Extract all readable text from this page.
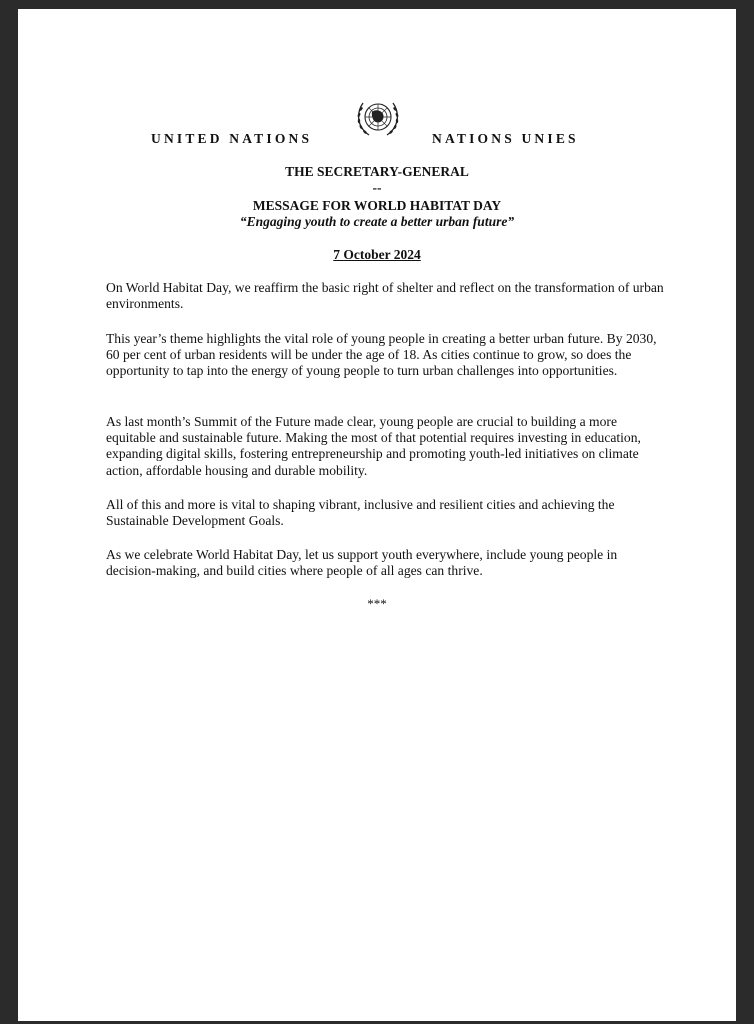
UNITED NATIONS	NATIONS UNIES
THE SECRETARY-GENERAL
--
MESSAGE FOR WORLD HABITAT DAY
“Engaging youth to create a better urban future”
7 October 2024

On World Habitat Day, we reaffirm the basic right of shelter and reflect on the transformation of urban environments.

This year’s theme highlights the vital role of young people in creating a better urban future. By 2030, 60 per cent of urban residents will be under the age of 18. As cities continue to grow, so does the opportunity to tap into the energy of young people to turn urban challenges into opportunities.

As last month’s Summit of the Future made clear, young people are crucial to building a more equitable and sustainable future. Making the most of that potential requires investing in education, expanding digital skills, fostering entrepreneurship and promoting youth-led initiatives on climate action, affordable housing and durable mobility.

All of this and more is vital to shaping vibrant, inclusive and resilient cities and achieving the Sustainable Development Goals.

As we celebrate World Habitat Day, let us support youth everywhere, include young people in decision-making, and build cities where people of all ages can thrive.

***
